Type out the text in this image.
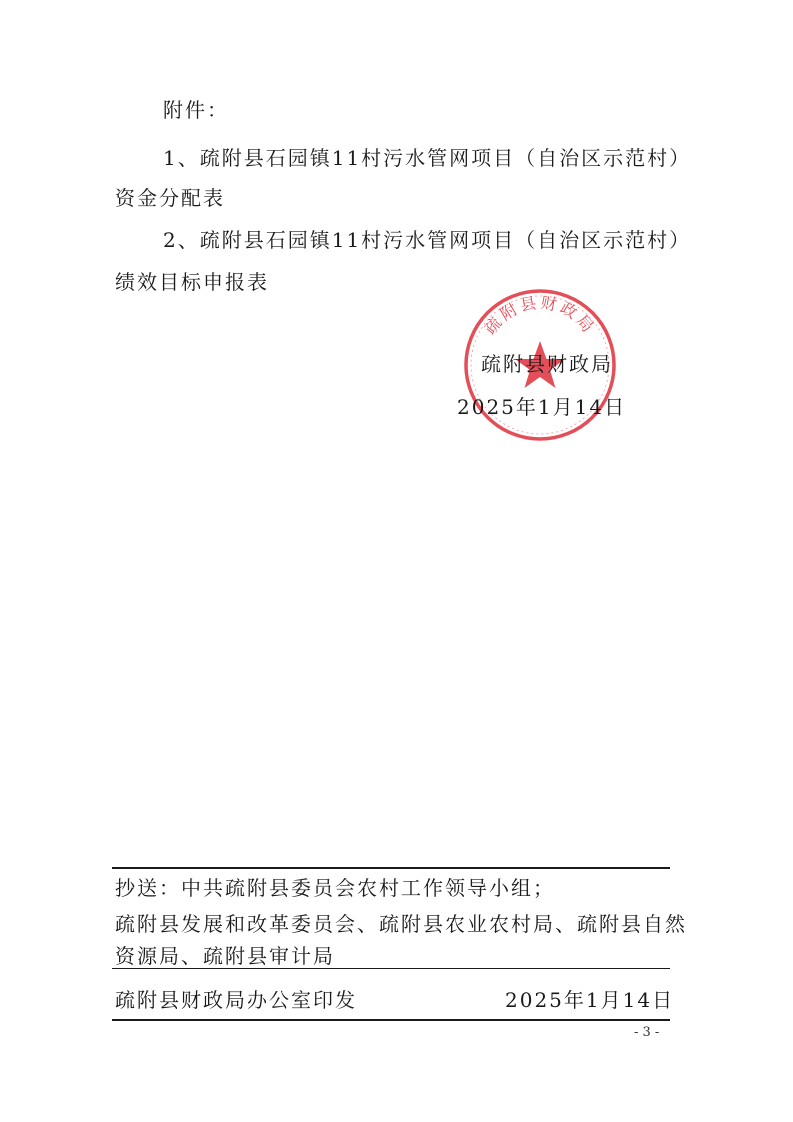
附件：
1、疏附县石园镇11村污水管网项目（自治区示范村）
资金分配表
2、疏附县石园镇11村污水管网项目（自治区示范村）
绩效目标申报表
疏附县财政局
疏附县财政局
2025年1月14日
抄送：中共疏附县委员会农村工作领导小组；
疏附县发展和改革委员会、疏附县农业农村局、疏附县自然
资源局、疏附县审计局
疏附县财政局办公室印发	2025年1月14日
- 3 -
